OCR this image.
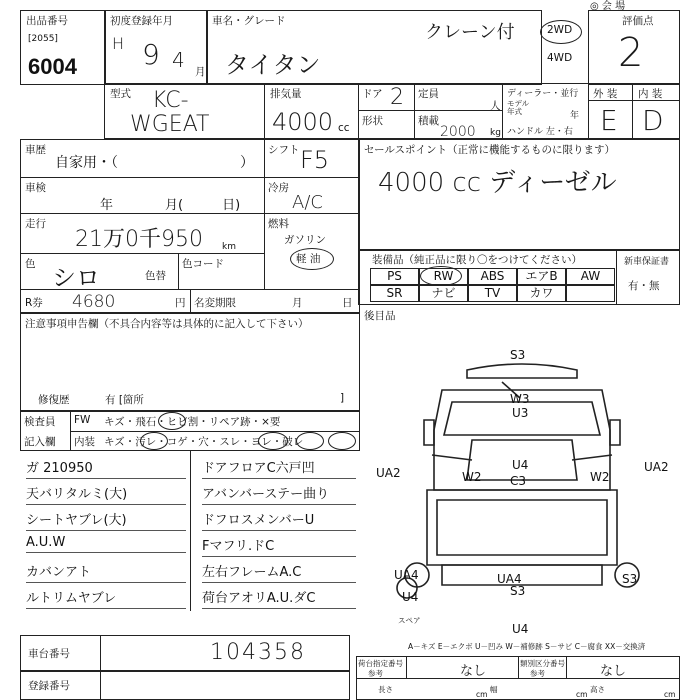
◎ 会 場
出品番号
[2055]
6004
初度登録年月
H 9 4 月
車名・グレード
クレーン付
タイタン
2WD
4WD
評価点
2
型式 KC-
WGEAT
排気量
4000 cc
ドア 2
形状
定員
人
積載
2000 kg
ディーラー・並行
モデル
年式	年
ハンドル 左・右
外 装 内 装
E D
車歴
自家用・（	）
シフト F5
車検
年　　　　月(　　　日)
冷房
A/C
走行
21万0千950 km
燃料
ガソリン
軽 油
色 シロ	色替
色コード
R券 4680	円 名変期限	月	日
セールスポイント（正常に機能するものに限ります）
4000 cc ディーゼル
装備品（純正品に限り〇をつけてください）	新車保証書
有・無
PS	RW	ABS	エアB	AW
SR	ナビ	TV	カワ
後目品
注意事項申告欄（不具合内容等は具体的に記入して下さい）
修復歴	有 [箇所	]
検査員
記入欄
FW キズ・飛石・ヒビ割・リペア跡・×要
内装 キズ・汚レ・コゲ・穴・スレ・ヨレ・破レ
ガ 210950
天バリタルミ(大)
シートヤブレ(大)
A.U.W
カバンアト
ルトリムヤブレ
ドアフロアC六戸凹
アバンバーステー曲り
ドフロスメンバーU
Fマフリ.ドC
左右フレームA.C
荷台アオリA.U.ダC
S3
W3
U3
W2
U4
C3
UA2	W2
UA2
UA4
S3
U4
S3
UA4
U4
スペア
車台番号	104358
登録番号
A－キズ E－エクボ U－凹み W－補修跡 S－サビ C－腐食 XX－交換済
荷台指定番号
参考	なし
類別区分番号
参考	なし
長さ
cm
幅
cm
高さ
cm
